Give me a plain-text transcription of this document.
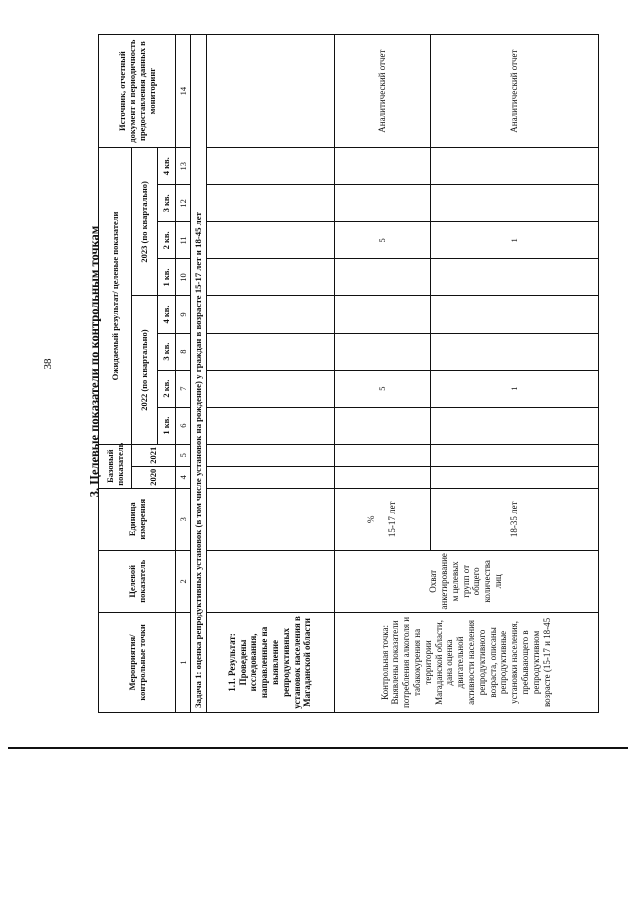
38	3. Целевые показатели по контрольным точкам
Мероприятия/ контрольные точки	Целевой показатель	Единица измерения	Базовый показатель		Ожидаемый результат/ целевые показатели								Источник, отчетный документ и периодичность предоставления данных в мониторинг
			2020	2021	2022 (по квартально)				2023 (по квартально)				
					1 кв.	2 кв.	3 кв.	4 кв.	1 кв.	2 кв.	3 кв.	4 кв.	
1	2	3	4	5	6	7	8	9	10	11	12	13	14
Задача 1: оценка репродуктивных установок (в том числе установок на рождение) у граждан в возрасте 15-17 лет и 18-45 лет													
1.1. Результат: Проведены исследования, направленные на выявление репродуктивных установок населения в Магаданской области													
Контрольная точка: Выявлены показатели потребления алкоголя и табакокурения на территории Магаданской области, дана оценка двигательной активности населения репродуктивного возраста, описаны репродуктивные установки населения, пребывающего в репродуктивном возрасте (15-17 и 18-45	Охват анкетирование м целевых групп от общего количества лиц	% 15-17 лет				5				5			Аналитический отчет
		18-35 лет				1				1			Аналитический отчет
